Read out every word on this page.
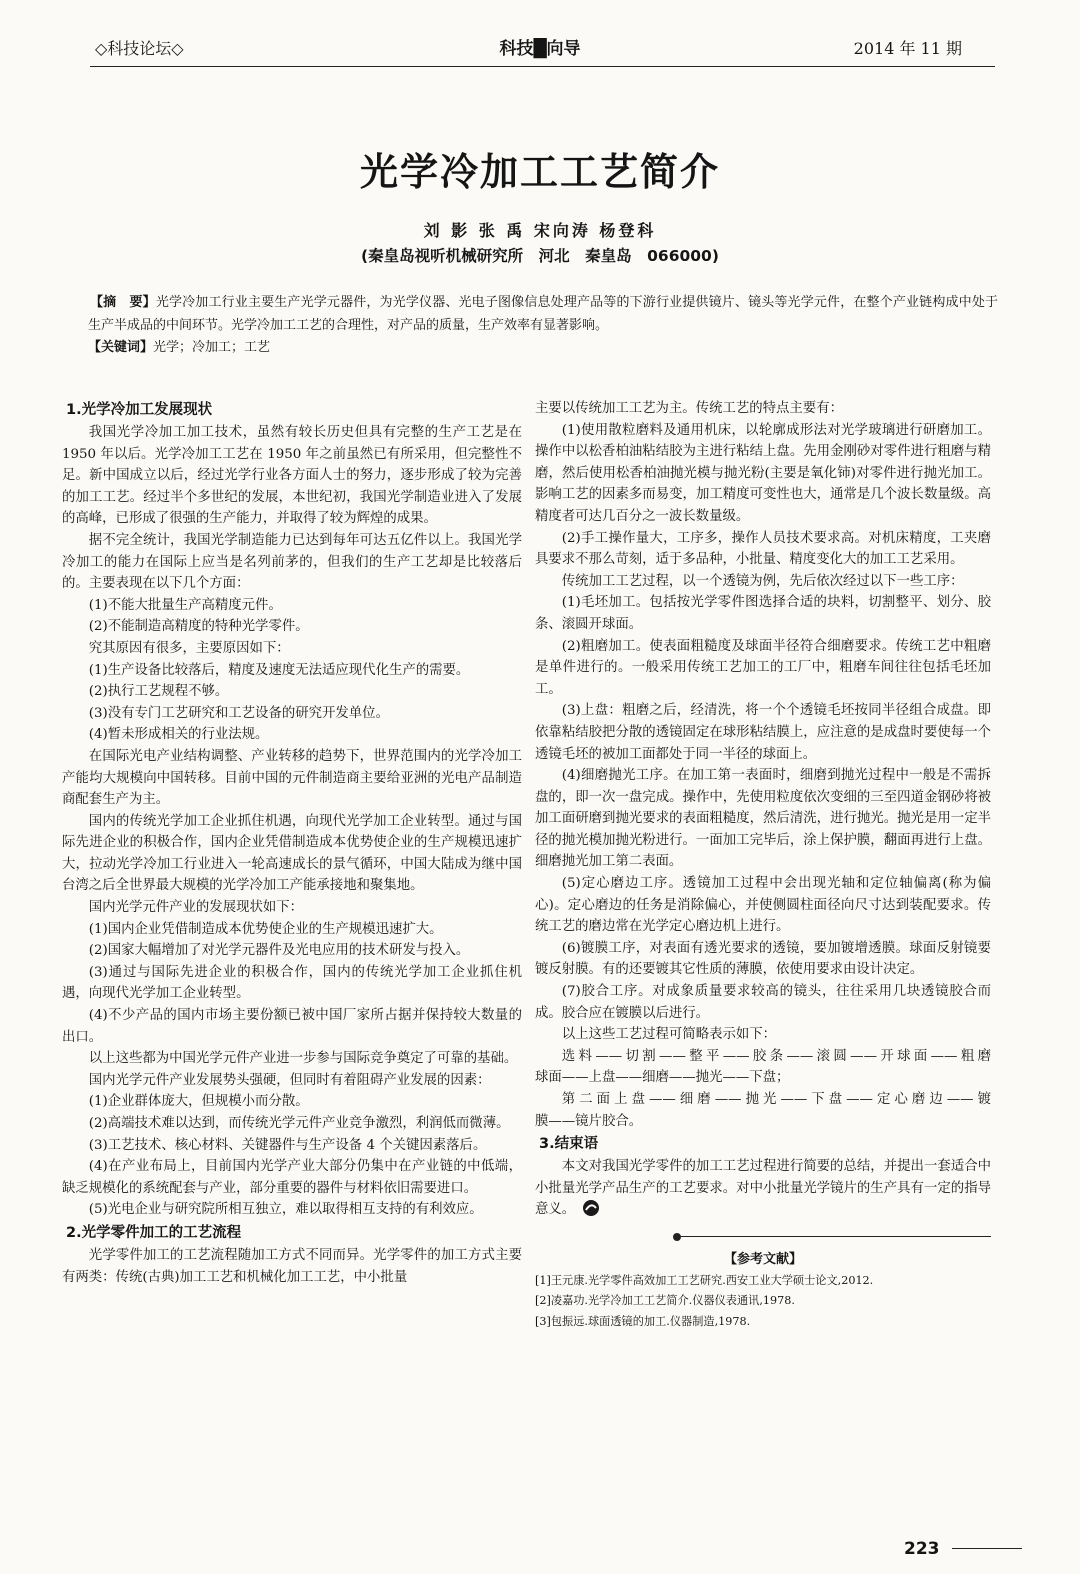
◇科技论坛◇	科技█向导	2014 年 11 期
光学冷加工工艺简介
刘 影 张 禹 宋向涛 杨登科
(秦皇岛视听机械研究所　河北　秦皇岛　066000)
【摘　要】光学冷加工行业主要生产光学元器件，为光学仪器、光电子图像信息处理产品等的下游行业提供镜片、镜头等光学元件，在整个产业链构成中处于生产半成品的中间环节。光学冷加工工艺的合理性，对产品的质量，生产效率有显著影响。
【关键词】光学；冷加工；工艺

1.光学冷加工发展现状

我国光学冷加工加工技术，虽然有较长历史但具有完整的生产工艺是在 1950 年以后。光学冷加工工艺在 1950 年之前虽然已有所采用，但完整性不足。新中国成立以后，经过光学行业各方面人士的努力，逐步形成了较为完善的加工工艺。经过半个多世纪的发展，本世纪初，我国光学制造业进入了发展的高峰，已形成了很强的生产能力，并取得了较为辉煌的成果。

据不完全统计，我国光学制造能力已达到每年可达五亿件以上。我国光学冷加工的能力在国际上应当是名列前茅的，但我们的生产工艺却是比较落后的。主要表现在以下几个方面：

(1)不能大批量生产高精度元件。

(2)不能制造高精度的特种光学零件。

究其原因有很多，主要原因如下：

(1)生产设备比较落后，精度及速度无法适应现代化生产的需要。

(2)执行工艺规程不够。

(3)没有专门工艺研究和工艺设备的研究开发单位。

(4)暂未形成相关的行业法规。

在国际光电产业结构调整、产业转移的趋势下，世界范围内的光学冷加工产能均大规模向中国转移。目前中国的元件制造商主要给亚洲的光电产品制造商配套生产为主。

国内的传统光学加工企业抓住机遇，向现代光学加工企业转型。通过与国际先进企业的积极合作，国内企业凭借制造成本优势使企业的生产规模迅速扩大，拉动光学冷加工行业进入一轮高速成长的景气循环，中国大陆成为继中国台湾之后全世界最大规模的光学冷加工产能承接地和聚集地。

国内光学元件产业的发展现状如下：

(1)国内企业凭借制造成本优势使企业的生产规模迅速扩大。

(2)国家大幅增加了对光学元器件及光电应用的技术研发与投入。

(3)通过与国际先进企业的积极合作，国内的传统光学加工企业抓住机遇，向现代光学加工企业转型。

(4)不少产品的国内市场主要份额已被中国厂家所占据并保持较大数量的出口。

以上这些都为中国光学元件产业进一步参与国际竞争奠定了可靠的基础。

国内光学元件产业发展势头强硬，但同时有着阻碍产业发展的因素：

(1)企业群体庞大，但规模小而分散。

(2)高端技术难以达到，而传统光学元件产业竞争激烈，利润低而微薄。

(3)工艺技术、核心材料、关键器件与生产设备 4 个关键因素落后。

(4)在产业布局上，目前国内光学产业大部分仍集中在产业链的中低端，缺乏规模化的系统配套与产业，部分重要的器件与材料依旧需要进口。

(5)光电企业与研究院所相互独立，难以取得相互支持的有利效应。

2.光学零件加工的工艺流程

光学零件加工的工艺流程随加工方式不同而异。光学零件的加工方式主要有两类：传统(古典)加工工艺和机械化加工工艺，中小批量

主要以传统加工工艺为主。传统工艺的特点主要有：

(1)使用散粒磨料及通用机床，以轮廓成形法对光学玻璃进行研磨加工。操作中以松香柏油粘结胶为主进行粘结上盘。先用金刚砂对零件进行粗磨与精磨，然后使用松香柏油抛光模与抛光粉(主要是氧化铈)对零件进行抛光加工。影响工艺的因素多而易变，加工精度可变性也大，通常是几个波长数量级。高精度者可达几百分之一波长数量级。

(2)手工操作量大，工序多，操作人员技术要求高。对机床精度，工夹磨具要求不那么苛刻，适于多品种，小批量、精度变化大的加工工艺采用。

传统加工工艺过程，以一个透镜为例，先后依次经过以下一些工序：

(1)毛坯加工。包括按光学零件图选择合适的块料，切割整平、划分、胶条、滚圆开球面。

(2)粗磨加工。使表面粗糙度及球面半径符合细磨要求。传统工艺中粗磨是单件进行的。一般采用传统工艺加工的工厂中，粗磨车间往往包括毛坯加工。

(3)上盘：粗磨之后，经清洗，将一个个透镜毛坯按同半径组合成盘。即依靠粘结胶把分散的透镜固定在球形粘结膜上，应注意的是成盘时要使每一个透镜毛坯的被加工面都处于同一半径的球面上。

(4)细磨抛光工序。在加工第一表面时，细磨到抛光过程中一般是不需拆盘的，即一次一盘完成。操作中，先使用粒度依次变细的三至四道金钢砂将被加工面研磨到抛光要求的表面粗糙度，然后清洗，进行抛光。抛光是用一定半径的抛光模加抛光粉进行。一面加工完毕后，涂上保护膜，翻面再进行上盘。细磨抛光加工第二表面。

(5)定心磨边工序。透镜加工过程中会出现光轴和定位轴偏离(称为偏心)。定心磨边的任务是消除偏心，并使侧圆柱面径向尺寸达到装配要求。传统工艺的磨边常在光学定心磨边机上进行。

(6)镀膜工序，对表面有透光要求的透镜，要加镀增透膜。球面反射镜要镀反射膜。有的还要镀其它性质的薄膜，依使用要求由设计决定。

(7)胶合工序。对成象质量要求较高的镜头，往往采用几块透镜胶合而成。胶合应在镀膜以后进行。

以上这些工艺过程可简略表示如下：

选料——切割——整平——胶条——滚圆——开球面——粗磨

球面——上盘——细磨——抛光——下盘；

第二面上盘——细磨——抛光——下盘——定心磨边——镀

膜——镜片胶合。

3.结束语

本文对我国光学零件的加工工艺过程进行简要的总结，并提出一套适合中小批量光学产品生产的工艺要求。对中小批量光学镜片的生产具有一定的指导意义。

【参考文献】

[1]王元康.光学零件高效加工工艺研究.西安工业大学硕士论文,2012.

[2]凌嘉功.光学冷加工工艺简介.仪器仪表通讯,1978.

[3]包振远.球面透镜的加工.仪器制造,1978.

223
